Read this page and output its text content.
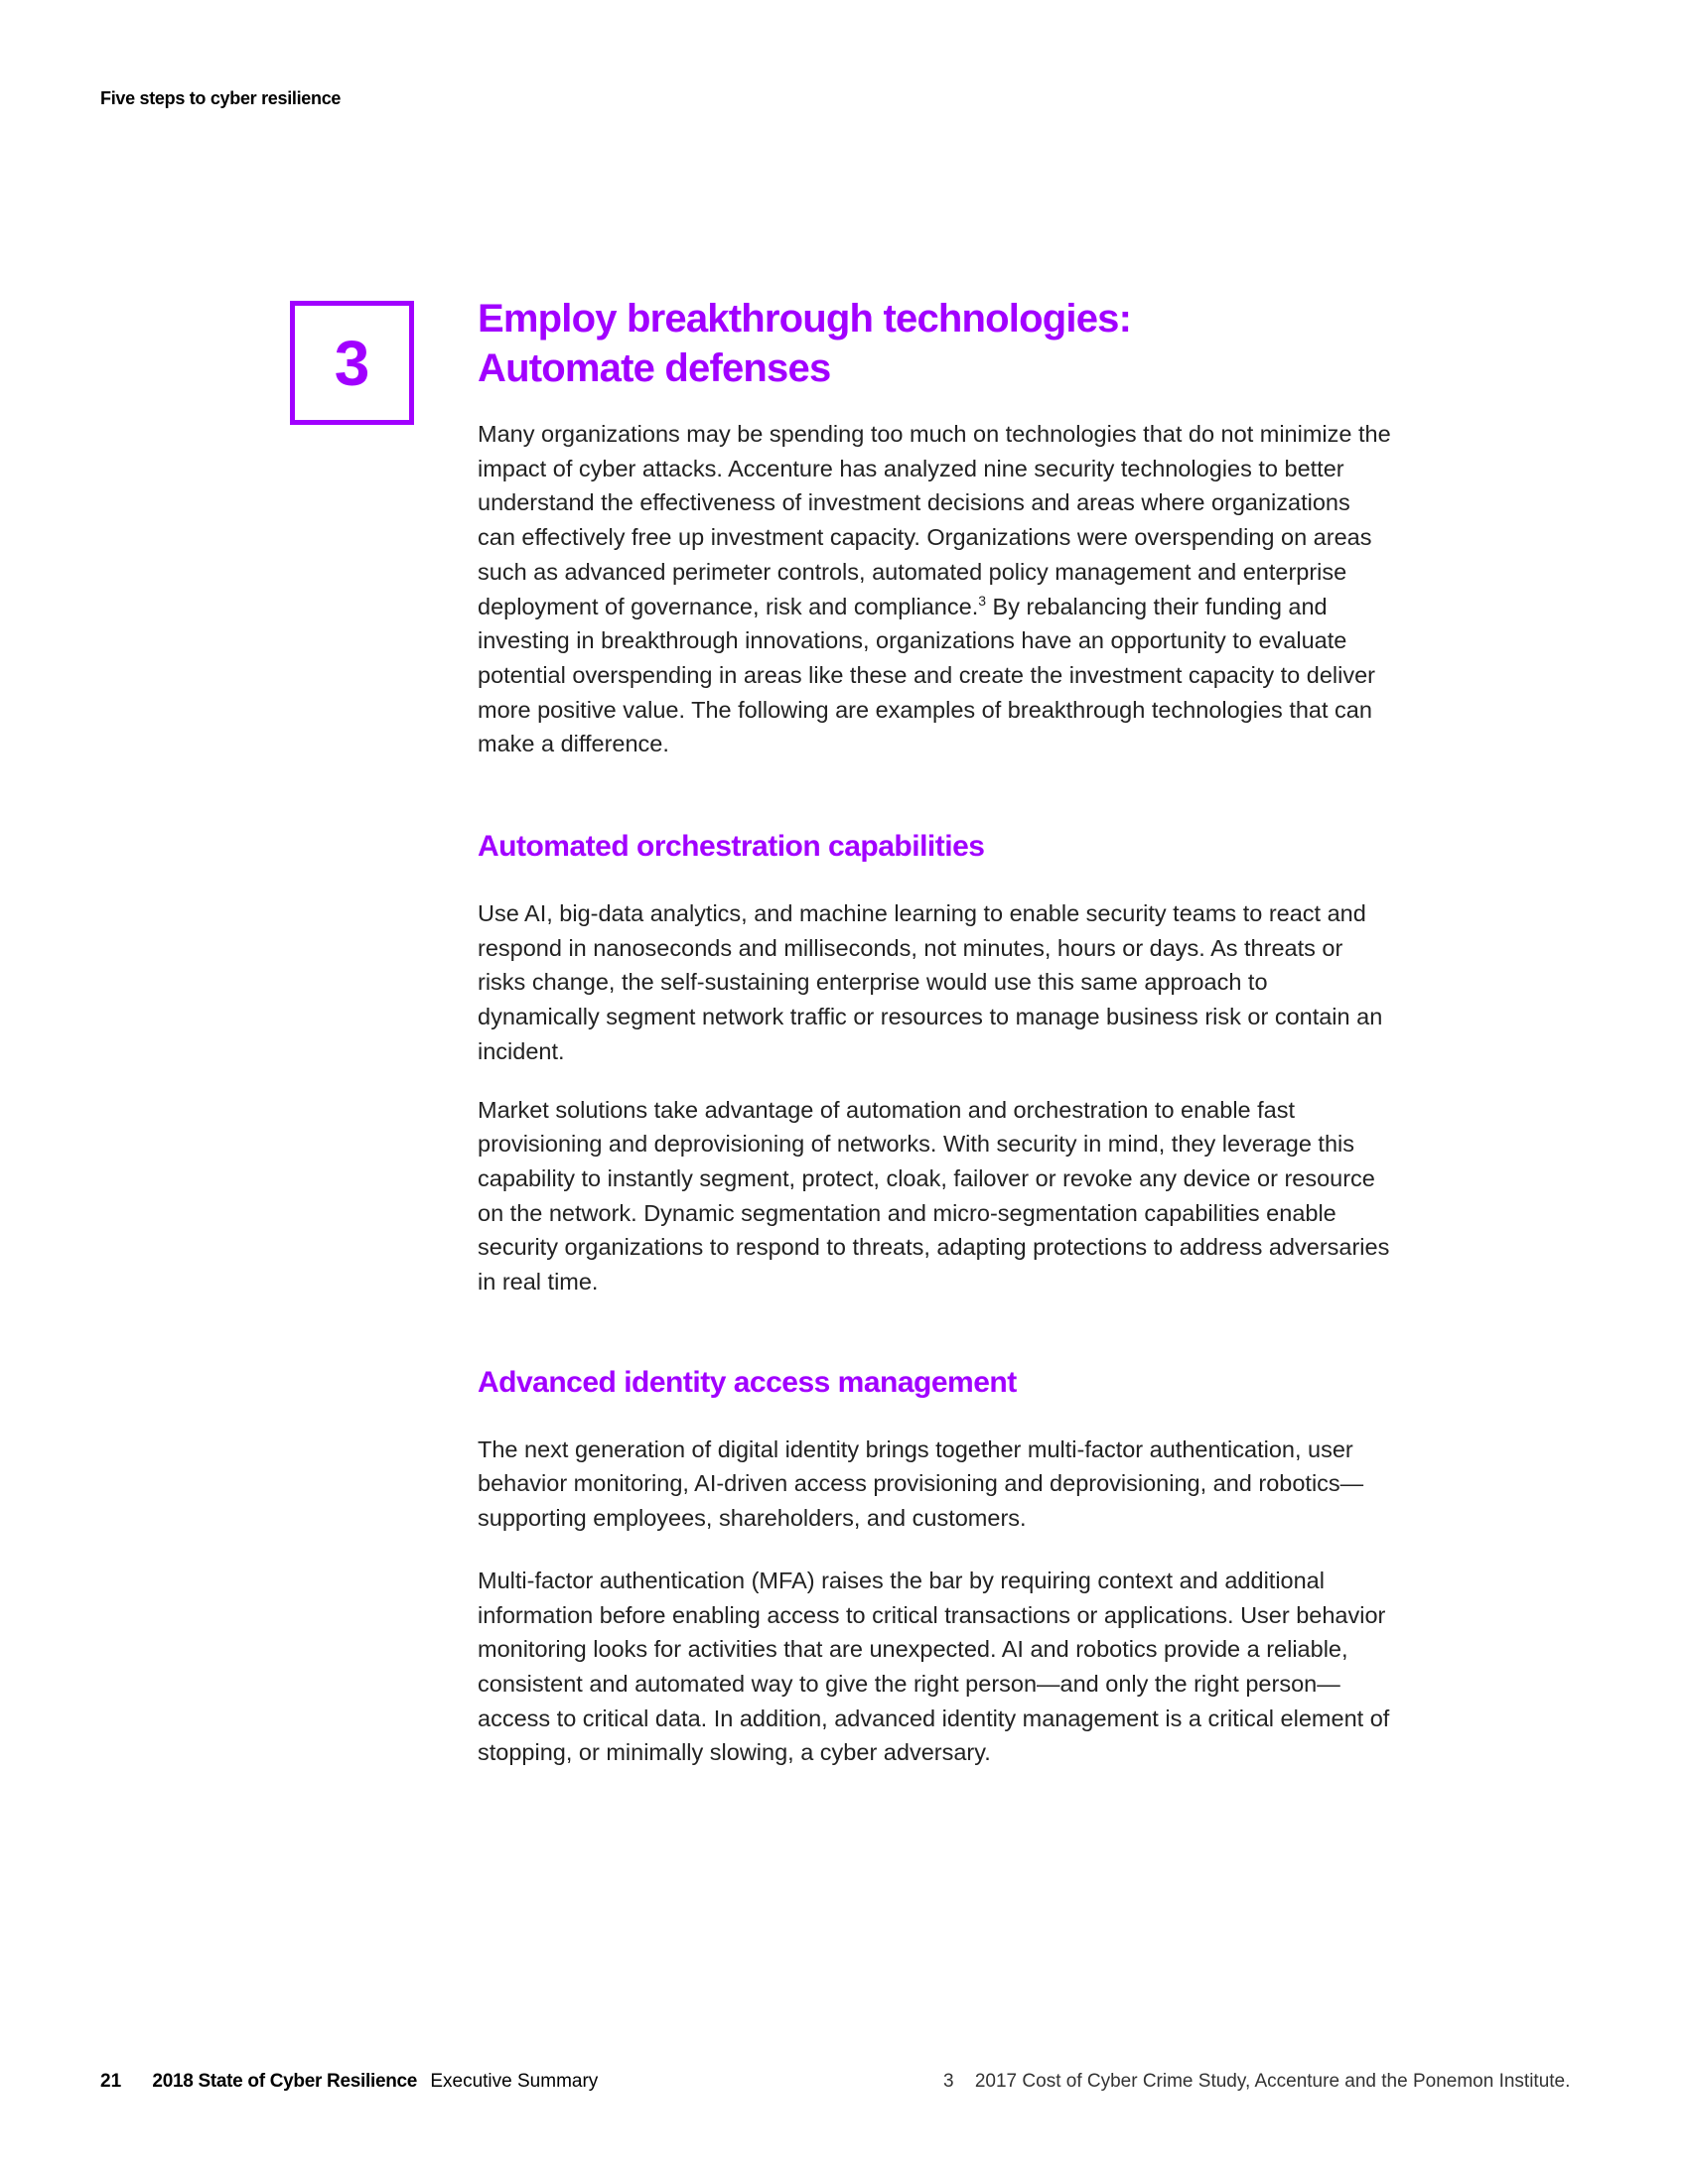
Five steps to cyber resilience
3
Employ breakthrough technologies:
Automate defenses

Many organizations may be spending too much on technologies that do not minimize the impact of cyber attacks. Accenture has analyzed nine security technologies to better understand the effectiveness of investment decisions and areas where organizations can effectively free up investment capacity. Organizations were overspending on areas such as advanced perimeter controls, automated policy management and enterprise deployment of governance, risk and compliance.$^3$ By rebalancing their funding and investing in breakthrough innovations, organizations have an opportunity to evaluate potential overspending in areas like these and create the investment capacity to deliver more positive value. The following are examples of breakthrough technologies that can make a difference.

Automated orchestration capabilities

Use AI, big-data analytics, and machine learning to enable security teams to react and respond in nanoseconds and milliseconds, not minutes, hours or days. As threats or risks change, the self-sustaining enterprise would use this same approach to dynamically segment network traffic or resources to manage business risk or contain an incident.

Market solutions take advantage of automation and orchestration to enable fast provisioning and deprovisioning of networks. With security in mind, they leverage this capability to instantly segment, protect, cloak, failover or revoke any device or resource on the network. Dynamic segmentation and micro-segmentation capabilities enable security organizations to respond to threats, adapting protections to address adversaries in real time.

Advanced identity access management

The next generation of digital identity brings together multi-factor authentication, user behavior monitoring, AI-driven access provisioning and deprovisioning, and robotics—supporting employees, shareholders, and customers.

Multi-factor authentication (MFA) raises the bar by requiring context and additional information before enabling access to critical transactions or applications. User behavior monitoring looks for activities that are unexpected. AI and robotics provide a reliable, consistent and automated way to give the right person—and only the right person—access to critical data. In addition, advanced identity management is a critical element of stopping, or minimally slowing, a cyber adversary.

21 2018 State of Cyber Resilience Executive Summary	3 2017 Cost of Cyber Crime Study, Accenture and the Ponemon Institute.
